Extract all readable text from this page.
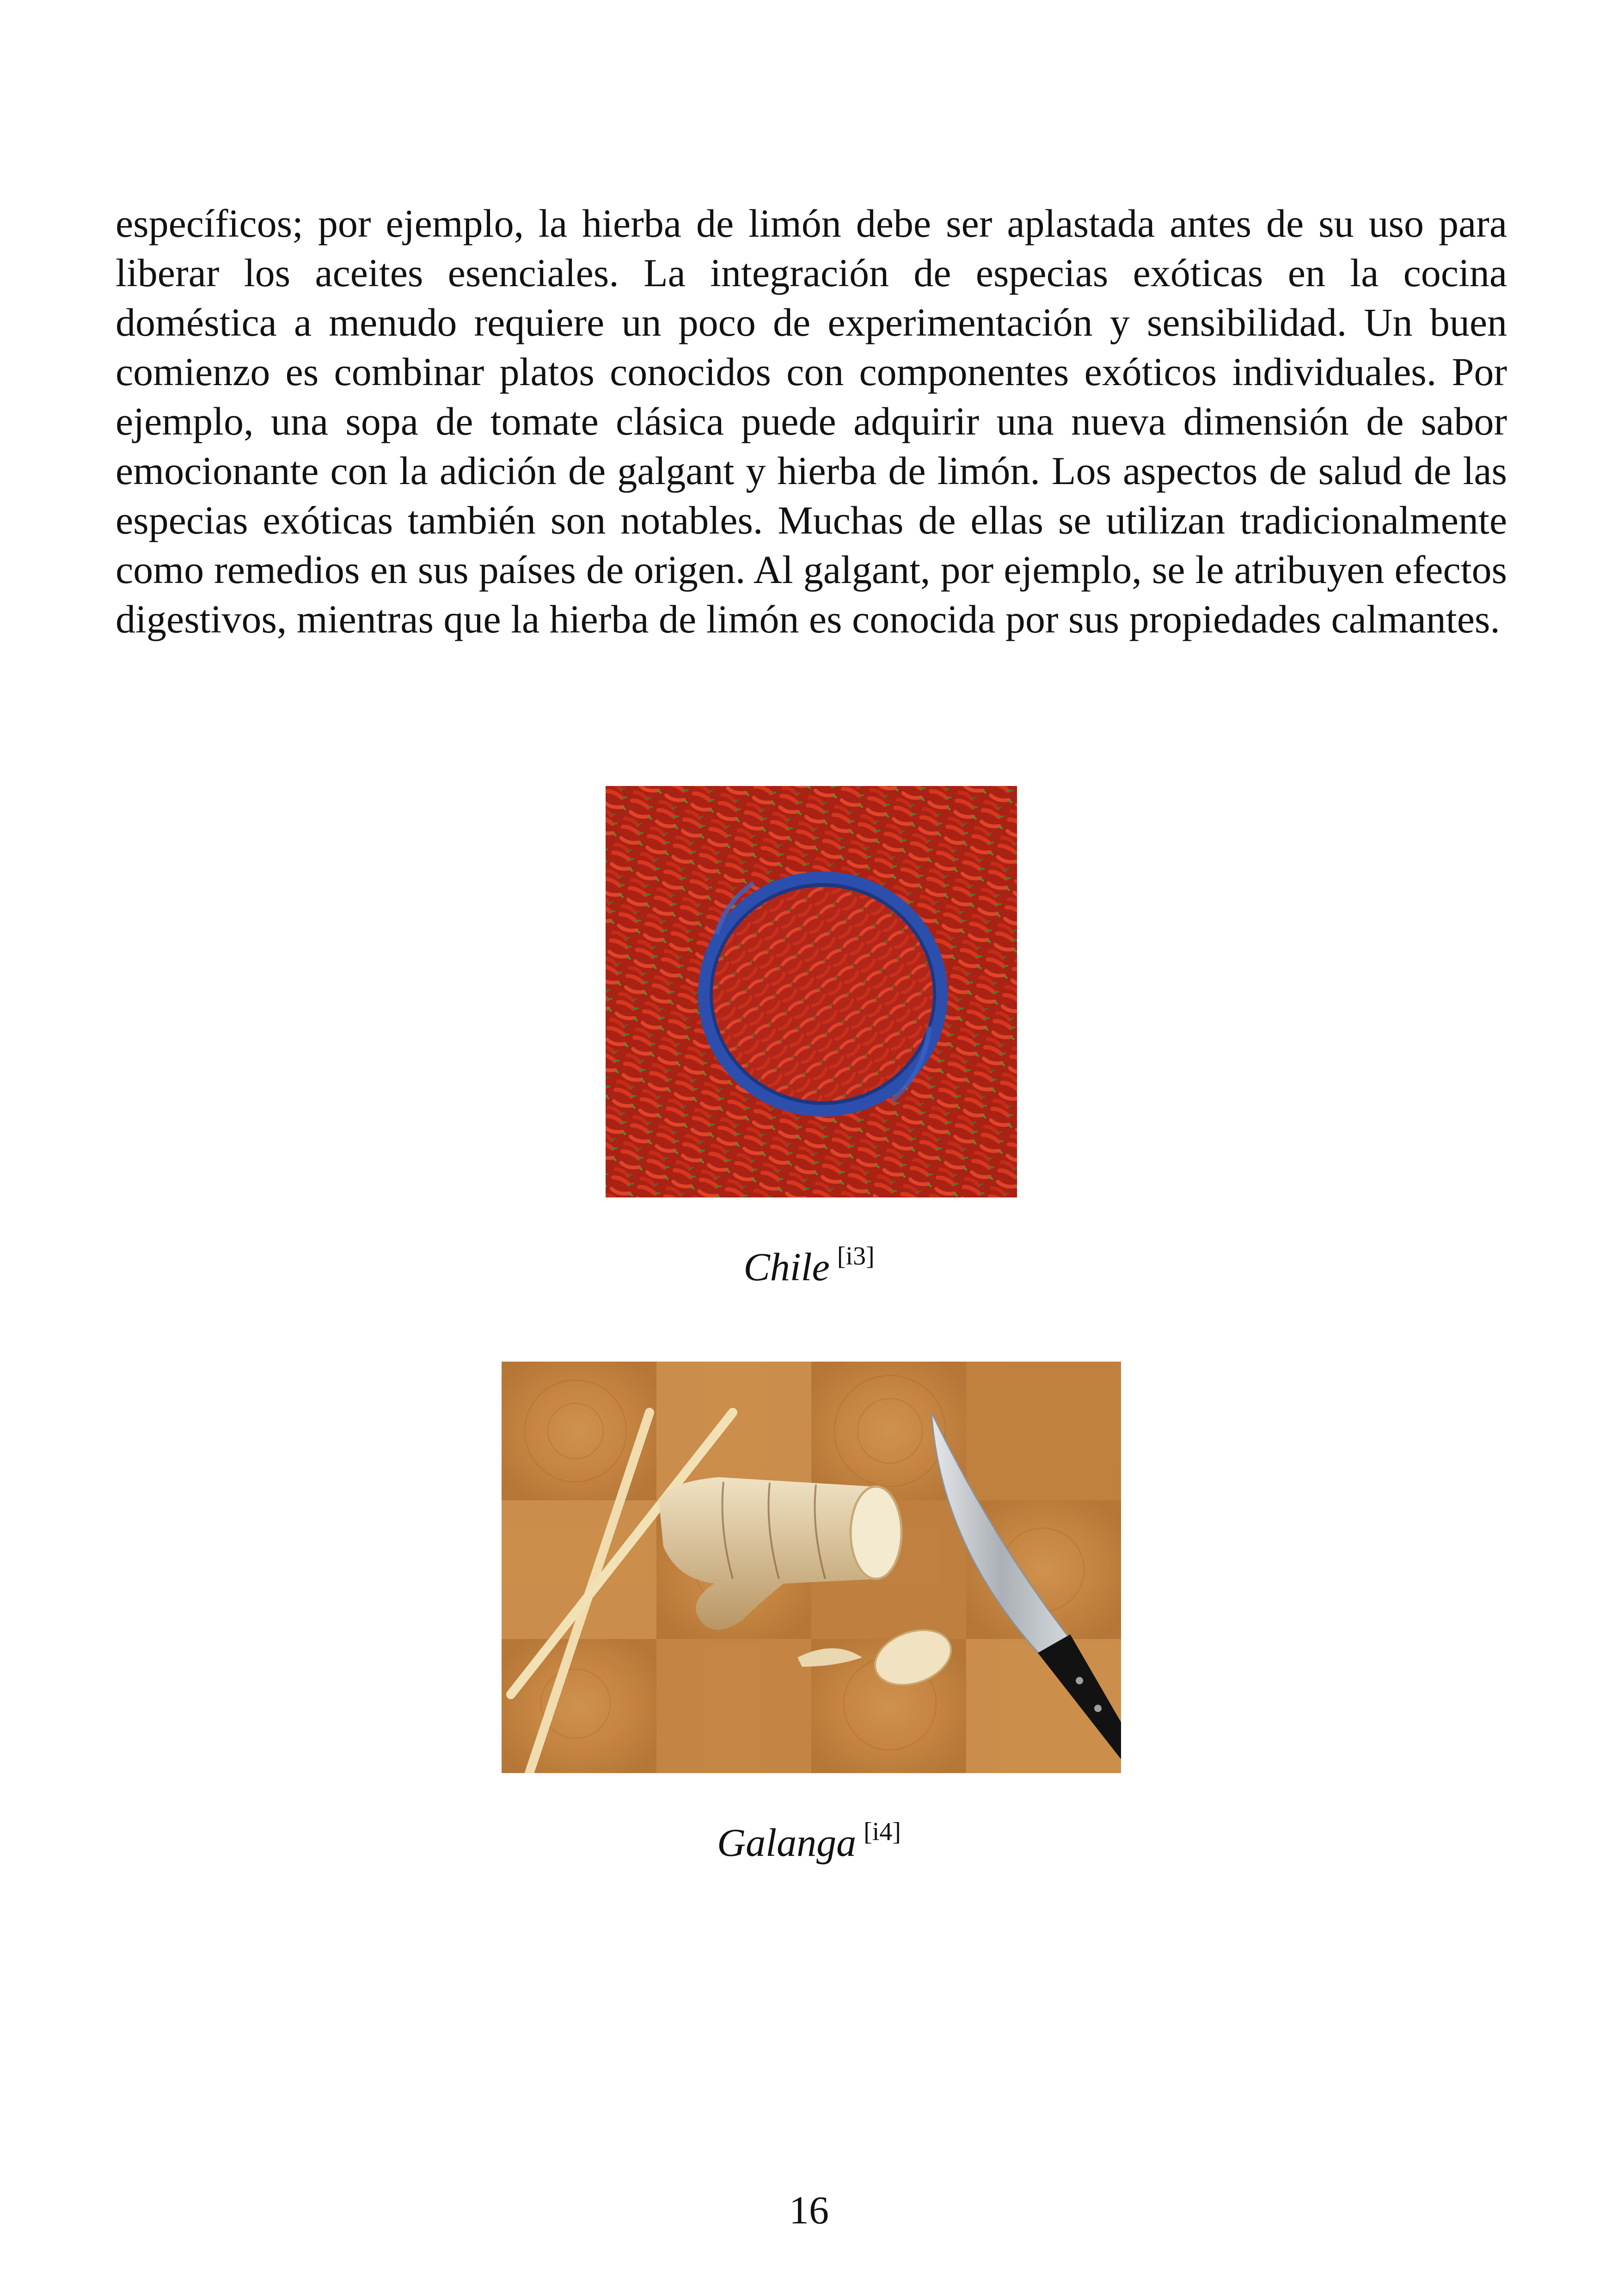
específicos; por ejemplo, la hierba de limón debe ser aplastada antes de su uso para liberar los aceites esenciales. La integración de especias exóticas en la cocina doméstica a menudo requiere un poco de experimentación y sensibilidad. Un buen comienzo es combinar platos conocidos con componentes exóticos individuales. Por ejemplo, una sopa de tomate clásica puede adquirir una nueva dimensión de sabor emocionante con la adición de galgant y hierba de limón. Los aspectos de salud de las especias exóticas también son notables. Muchas de ellas se utilizan tradicionalmente como remedios en sus países de origen. Al galgant, por ejemplo, se le atribuyen efectos digestivos, mientras que la hierba de limón es conocida por sus propiedades calmantes.

Chile [i3]
Galanga [i4]
16
